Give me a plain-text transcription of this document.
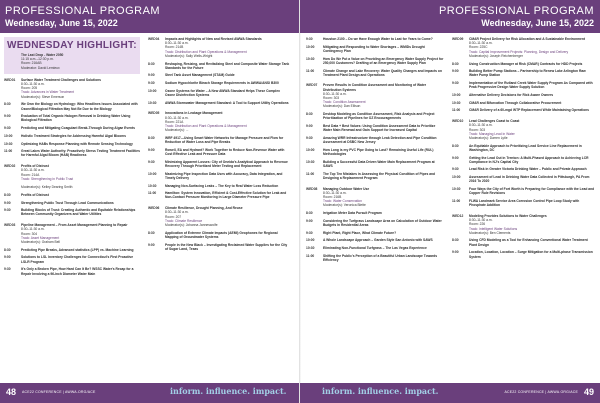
PROFESSIONAL PROGRAM
Wednesday, June 15, 2022
WEDNESDAY HIGHLIGHT:
The Last Drop - Water 2050
11:15 a.m.–12:30 p.m.
Room: 216AB
Moderator: David Lemieux
WED01	Surface Water Treatment Challenges and Solutions
8:30–11:30 a.m.
Room: 205
Track: Advances in Water Treatment
Moderator(s): Steve Emerson
8:30	We Own the Biology on Hydrology: Who Headlines Issues Associated with Ozone/Biological Filtration May Not Be Due to the Biology
9:00	Evaluation of Total Organic Halogen Removal in Drinking Water Using Biological Filtration
9:30	Predicting and Mitigating Coagulant Break-Through During Algae Events
10:00	Holistic Treatment Strategies for Addressing Harmful Algal Blooms
10:30	Optimizing HABs Response Planning with Remote Sensing Technology
11:00	Great Lakes Water Authority: Proactively Stress Testing Treatment Facilities for Harmful Algal Bloom (HAB) Readiness
WED02	Profits of Distrust
8:30–11:30 a.m.
Room: 214A
Track: Strengthening in Public Trust

Moderator(s): Kelley Dearing Smith
8:30	Profits of Distrust
9:00	Strengthening Public Trust Through Lead Communications
9:30	Building Blocks of Trust: Creating Authentic and Equitable Relationships Between Community Organizers and Water Utilities
WED03	Pipeline Management – From Asset Management Planning to Repair
8:30–11:30 a.m.
Room: 304
Track: Asset Management
Moderator(s): Graham Bell
8:30	Predicting Pipe Breaks, Advanced statistics (LPP) vs. Machine Learning
9:00	Solutions to LSL Inventory Challenges for Connecticut's First Proactive LSLR Program
9:30	It's Only a Broken Pipe, How Hard Can It Be? WSSC Water's Recap for a Repair Involving a 96-inch Diameter Water Main
WED04	Impacts and Highlights of New and Revised AWWA Standards
8:30–11:30 a.m.
Room: 214B
Track: Distribution and Plant Operations & Management
Moderator(s): Sally Wells-Wright
8:30	Reshaping, Resizing, and Revitalizing Steel and Composite Water Storage Tank Standards for the Future
9:00	Steel Tank Asset Management (STAM) Guide
9:30	Sodium Hypochlorite Bleach Storage Requirements in AWWA/ANSI B300
10:00	Ozone Systems for Water – A New AWWA Standard Helps These Complex Ozone Disinfection Systems
10:30	AWWA Stormwater Management Standard: A Tool to Support Utility Operations
WED05	Innovations in Leakage Management
8:30–11:30 a.m.
Room: 221A
Track: Distribution and Plant Operations & Management
Moderator(s): ...
8:30	WRF 4917—Using Smart Water Networks for Manage Pressure and Flow for Reduction of Water Loss and Pipe Breaks
9:00	Rowell, EA and Hydrant? Work Together to Reduce Non-Revenue Water with Cost Effective Leak and Pressure Data
9:30	Minimizing Apparent Losses: City of Oneida's Analytical Approach to Revenue Recovery Through Prioritized Meter Testing and Replacement
10:00	Maximizing Pipe Inspection Data Uses with Accuracy, Data Integration, and Timely Delivery
10:30	Managing Non-Surfacing Leaks – The Key to Real Water Loss Reduction
11:00	Hamilton: System Innovation, Efficient & Cost-Effective Solution for Leak and Non-Contact Pressure Monitoring in Large Diameter Pressure Pipe
WED06	Climate Resilience, Drought Planning, And Reuse
8:30–11:30 a.m.
Room: 207
Track: Climate Resilience
Moderator(s): Johanna Janneswolfe
8:30	Application of Extreme Climate Impacts (AEMI) Geophones for Regional Mapping of Groundwater Systems
9:00	People in the New Black – Investigating Reclaimed Water Supplies for the City of Sugar Land, Texas
48 ACE22 CONFERENCE | AWWA.ORG/ACE	inform. influence. impact.
PROFESSIONAL PROGRAM
Wednesday, June 15, 2022
9:30	Houston 2100 – Do we Have Enough Water to Last for Years to Come?
10:00	Mitigating and Responding to Water Shortages – WMIDs Drought Contingency Plan
10:30	How Do We Put a Value on Providing an Emergency Water Supply Project for 250,000 Customers? Drafting of an Emergency Water Supply Plan
11:00	Climate Change and Lake Recovery: Water Quality Changes and Impacts on Treatment Plant Design and Operations
WED07	Proven Results in Condition Assessment and Monitoring of Water Distribution Systems
8:30–11:30 a.m.
Room: 303
Track: Condition Assessment
Moderator(s): Dan Ellison
8:30	Desktop Modeling as Condition Assessment, Risk Analysis and Project Prioritization of Pipelines for OZ Encouragements
9:00	Best Data + Best Values: Using Condition Assessment Data to Prioritize Water Main Renewal and Gain Support for Increased Capital
9:30	Amazing WRR Infrastructure through Leak Detection and Pipe Condition Assessment at DSBC New Jersey
10:00	How Long is my PVC Pipe Going to Last? Remaining Useful Life (RUL) Methodologies
10:30	Building a Successful Data Driven Water Main Replacement Program at SAWS
11:00	The Top Ten Mistakes in Assessing the Physical Condition of Pipes and Designing a Replacement Program
WED08	Managing Outdoor Water Use
8:30–11:30 a.m.
Room: 216B
Track: Water Conservation
Moderator(s): Veronica Blette
8:30	Irrigation Meter Data Pursuit Program
9:00	Considering the Turfgrass Landscape Area on Calculation of Outdoor Water Budgets in Residential Areas
9:30	Right Plant, Right Place, What Climate Future?
10:00	A Whole Landscape Approach – Garden Style San Antonio with SAWS
10:30	Eliminating Non-Functional Turfgrass – The Las Vegas Experience
11:00	Shifting the Public's Perception of a Beautiful Urban Landscape Towards Efficiency
WED09	CMAR Project Delivery for Risk Allocation and A Sustainable Environment
8:30–11:30 a.m.
Room: 225C
Track: Capital Improvement Projects: Planning, Design and Delivery
Moderator(s): Joseph Reichenberger
8:30	Using Construction Manager at Risk (CMAR) Contracts for HDD Projects
9:00	Building Better Pump Stations – Partnership to Renew Lake Arlington Raw Water Pump Station
9:30	Implementation of the Rutland Creek Water Supply Program As Compared with Peak Progressive Design Water Supply Solution
10:00	Alternative Delivery Decisions for Rick Aware Owners
10:30	CMAR and Bifurcation Through Collaborative Procurement
11:00	CMAR Delivery of a 60-mgd WTP Replacement While Maintaining Operations
WED10	Lead Challenges Coast to Coast
8:30–11:30 a.m.
Room: 303
Track: Managing Lead in Water
Moderator(s): Darren Lytle
8:30	An Equitable Approach to Prioritizing Lead Service Line Replacement in Washington, DC
9:00	Getting the Lead Out in Trenton: A Multi-Phased Approach to Achieving LCR Compliance in NJ's Capital City
9:30	Lead Risk in Greater Victoria Drinking Water – Public and Private Approach
10:00	Assessment of Lead in Drinking Water Data Collected in Pittsburgh, PA From 2016 To 2020
10:30	Four Ways the City of Fort Worth is Preparing for Compliance with the Lead and Copper Rule Revisions
11:00	FLWA Landmark Service Area Corrosion Control Pipe Loop Study with Phosphate Addition
WED12	Modeling Provides Solutions to Water Challenges
8:30–11:30 a.m.
Room: 226
Track: Intelligent Water Solutions
Moderator(s): Ben Clements
8:30	Using CFD Modeling as a Tool for Enhancing Conventional Water Treatment Plant Design
9:00	Location, Location, Location – Surge Mitigation for a Multi-phase Transmission System
inform. influence. impact.	ACE22 CONFERENCE | AWWA.ORG/ACE 49
